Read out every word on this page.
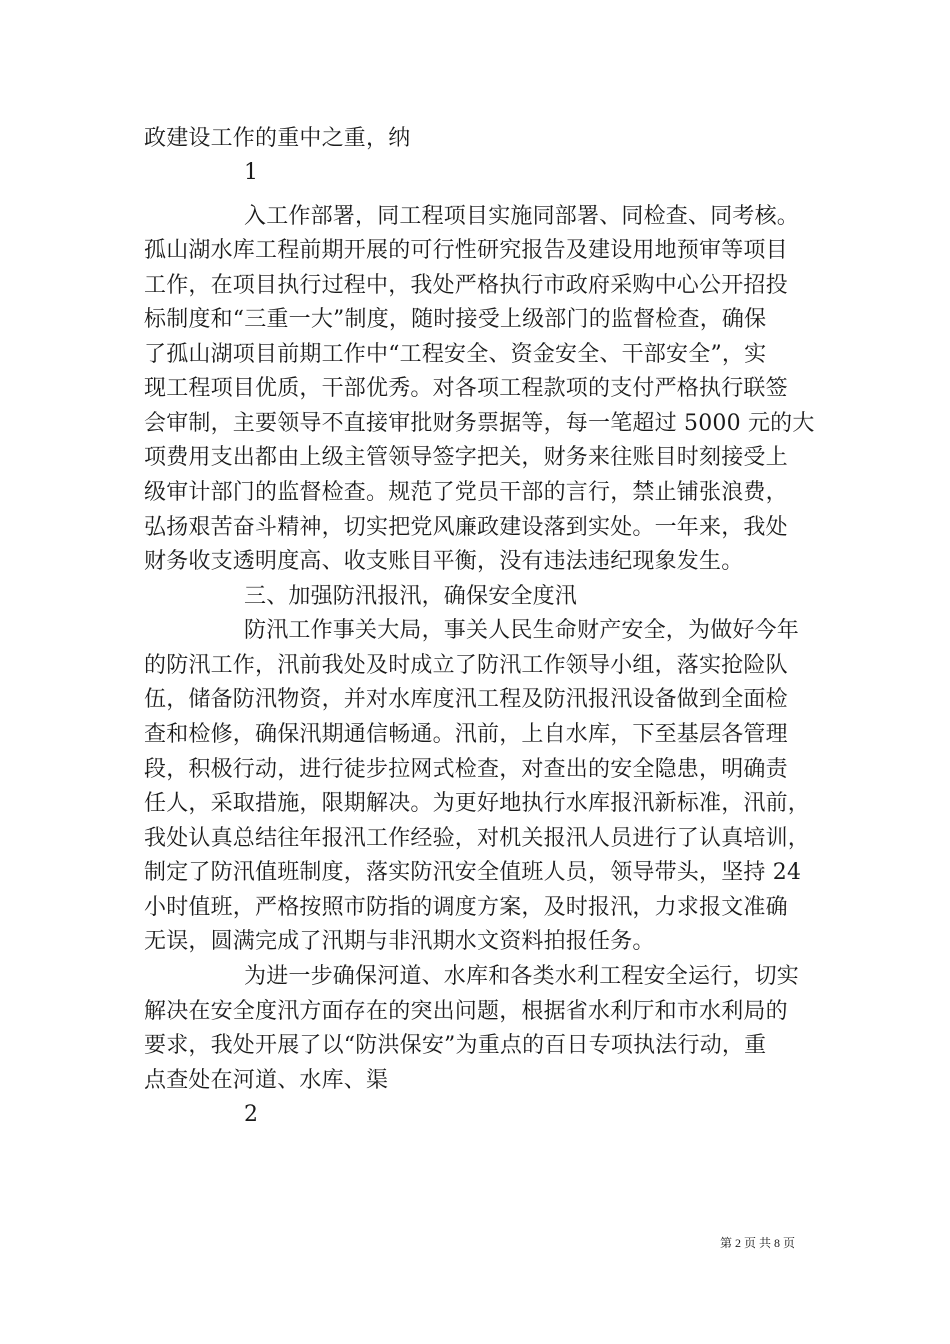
政建设工作的重中之重，纳
1
入工作部署，同工程项目实施同部署、同检查、同考核。
孤山湖水库工程前期开展的可行性研究报告及建设用地预审等项目
工作，在项目执行过程中，我处严格执行市政府采购中心公开招投
标制度和“三重一大”制度，随时接受上级部门的监督检查，确保
了孤山湖项目前期工作中“工程安全、资金安全、干部安全”，实
现工程项目优质，干部优秀。对各项工程款项的支付严格执行联签
会审制，主要领导不直接审批财务票据等，每一笔超过 5000 元的大
项费用支出都由上级主管领导签字把关，财务来往账目时刻接受上
级审计部门的监督检查。规范了党员干部的言行，禁止铺张浪费，
弘扬艰苦奋斗精神，切实把党风廉政建设落到实处。一年来，我处
财务收支透明度高、收支账目平衡，没有违法违纪现象发生。
三、加强防汛报汛，确保安全度汛
防汛工作事关大局，事关人民生命财产安全，为做好今年
的防汛工作，汛前我处及时成立了防汛工作领导小组，落实抢险队
伍，储备防汛物资，并对水库度汛工程及防汛报汛设备做到全面检
查和检修，确保汛期通信畅通。汛前，上自水库，下至基层各管理
段，积极行动，进行徒步拉网式检查，对查出的安全隐患，明确责
任人，采取措施，限期解决。为更好地执行水库报汛新标准，汛前，
我处认真总结往年报汛工作经验，对机关报汛人员进行了认真培训，
制定了防汛值班制度，落实防汛安全值班人员，领导带头，坚持 24
小时值班，严格按照市防指的调度方案，及时报汛，力求报文准确
无误，圆满完成了汛期与非汛期水文资料拍报任务。
为进一步确保河道、水库和各类水利工程安全运行，切实
解决在安全度汛方面存在的突出问题，根据省水利厅和市水利局的
要求，我处开展了以“防洪保安”为重点的百日专项执法行动，重
点查处在河道、水库、渠
2
第 2 页 共 8 页
